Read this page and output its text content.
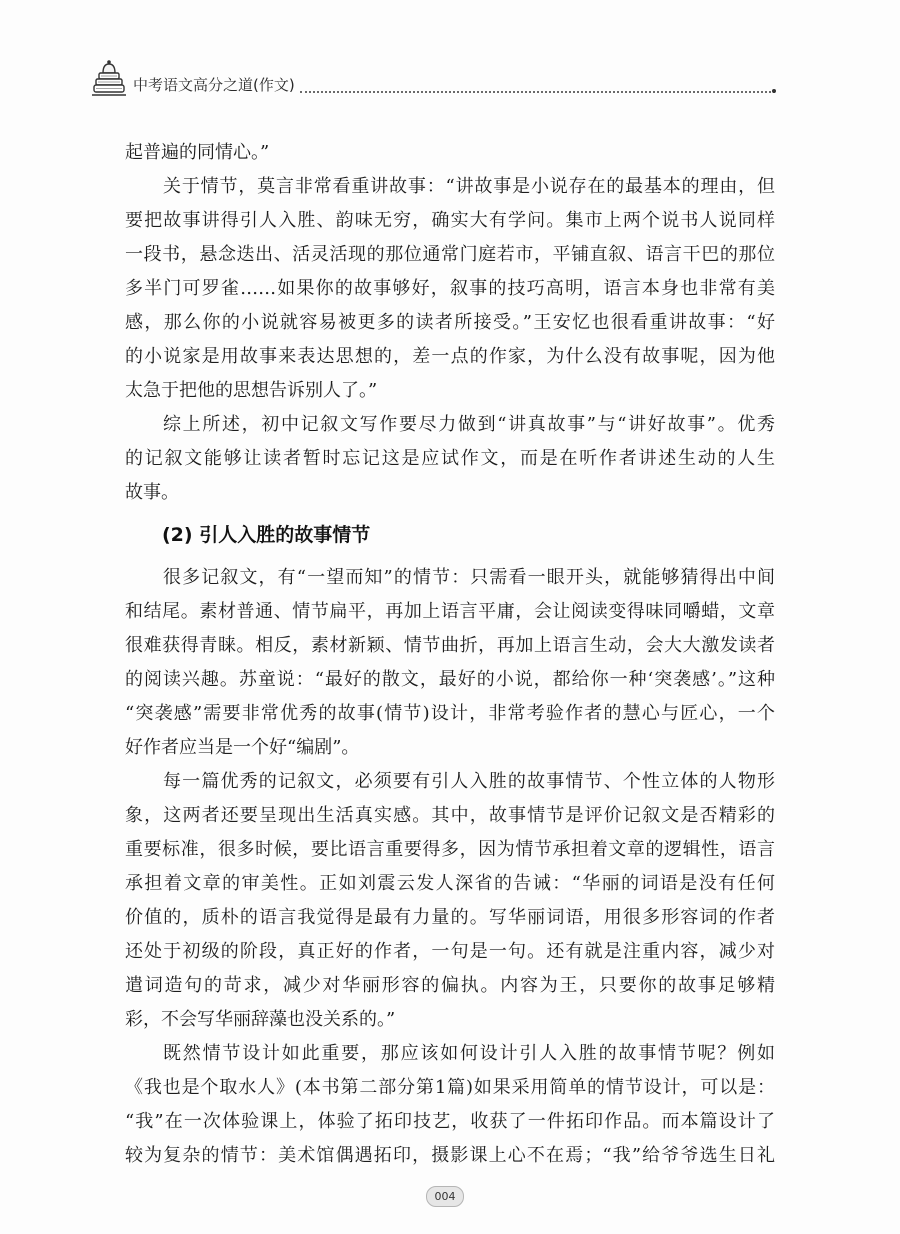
中考语文高分之道(作文)
起普遍的同情心。”
关于情节，莫言非常看重讲故事：“讲故事是小说存在的最基本的理由，但
要把故事讲得引人入胜、韵味无穷，确实大有学问。集市上两个说书人说同样
一段书，悬念迭出、活灵活现的那位通常门庭若市，平铺直叙、语言干巴的那位
多半门可罗雀……如果你的故事够好，叙事的技巧高明，语言本身也非常有美
感，那么你的小说就容易被更多的读者所接受。”王安忆也很看重讲故事：“好
的小说家是用故事来表达思想的，差一点的作家，为什么没有故事呢，因为他
太急于把他的思想告诉别人了。”
综上所述，初中记叙文写作要尽力做到“讲真故事”与“讲好故事”。优秀
的记叙文能够让读者暂时忘记这是应试作文，而是在听作者讲述生动的人生
故事。
(2) 引人入胜的故事情节
很多记叙文，有“一望而知”的情节：只需看一眼开头，就能够猜得出中间
和结尾。素材普通、情节扁平，再加上语言平庸，会让阅读变得味同嚼蜡，文章
很难获得青睐。相反，素材新颖、情节曲折，再加上语言生动，会大大激发读者
的阅读兴趣。苏童说：“最好的散文，最好的小说，都给你一种‘突袭感’。”这种
“突袭感”需要非常优秀的故事(情节)设计，非常考验作者的慧心与匠心，一个
好作者应当是一个好“编剧”。
每一篇优秀的记叙文，必须要有引人入胜的故事情节、个性立体的人物形
象，这两者还要呈现出生活真实感。其中，故事情节是评价记叙文是否精彩的
重要标准，很多时候，要比语言重要得多，因为情节承担着文章的逻辑性，语言
承担着文章的审美性。正如刘震云发人深省的告诫：“华丽的词语是没有任何
价值的，质朴的语言我觉得是最有力量的。写华丽词语，用很多形容词的作者
还处于初级的阶段，真正好的作者，一句是一句。还有就是注重内容，减少对
遣词造句的苛求，减少对华丽形容的偏执。内容为王，只要你的故事足够精
彩，不会写华丽辞藻也没关系的。”
既然情节设计如此重要，那应该如何设计引人入胜的故事情节呢？例如
《我也是个取水人》(本书第二部分第1篇)如果采用简单的情节设计，可以是：
“我”在一次体验课上，体验了拓印技艺，收获了一件拓印作品。而本篇设计了
较为复杂的情节：美术馆偶遇拓印，摄影课上心不在焉；“我”给爷爷选生日礼
004
